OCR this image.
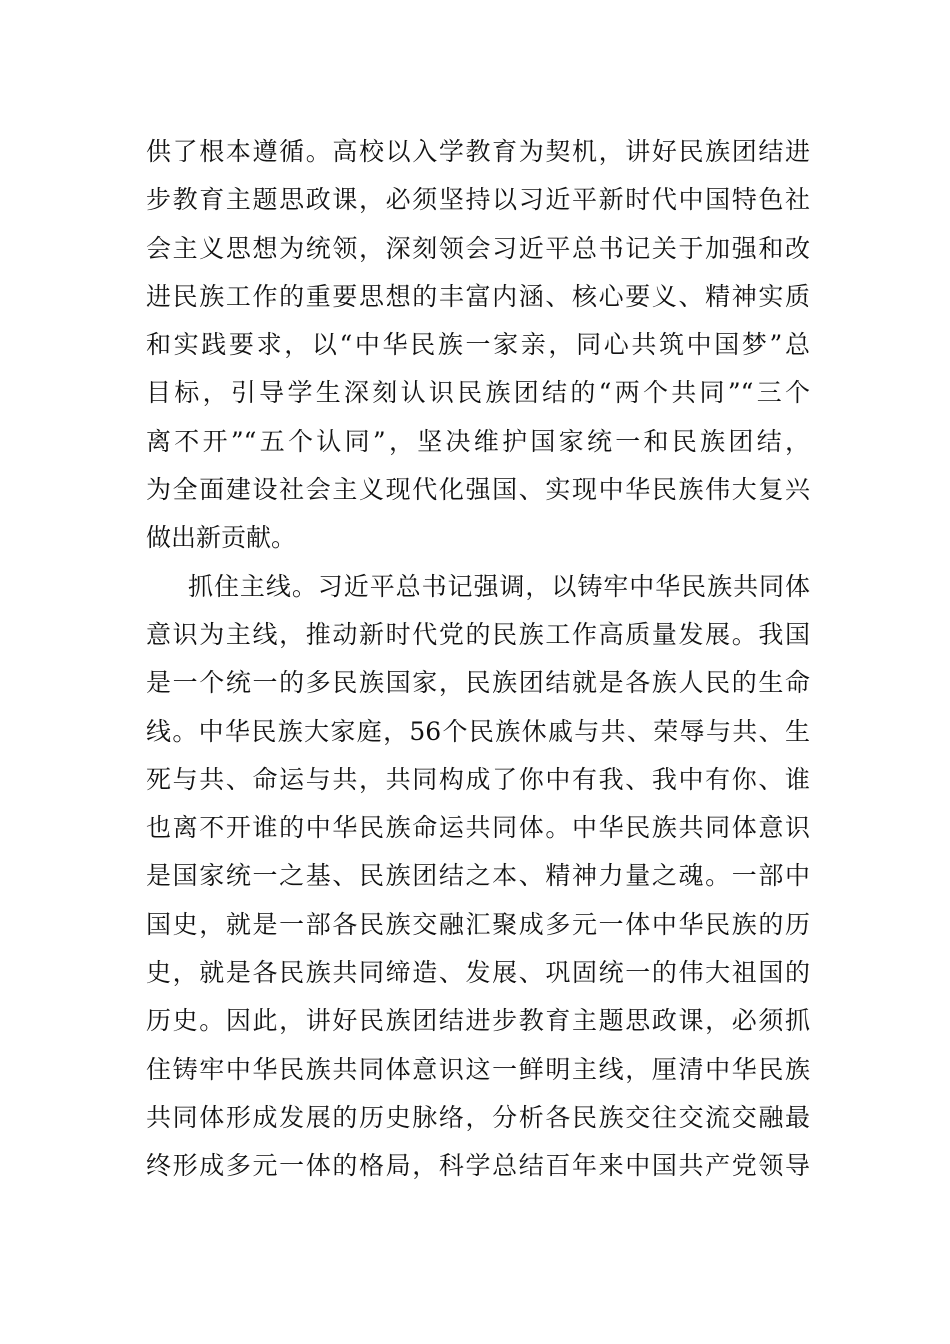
供了根本遵循。高校以入学教育为契机，讲好民族团结进
步教育主题思政课，必须坚持以习近平新时代中国特色社
会主义思想为统领，深刻领会习近平总书记关于加强和改
进民族工作的重要思想的丰富内涵、核心要义、精神实质
和实践要求，以“中华民族一家亲，同心共筑中国梦”总
目标，引导学生深刻认识民族团结的“两个共同”“三个
离不开”“五个认同”，坚决维护国家统一和民族团结，
为全面建设社会主义现代化强国、实现中华民族伟大复兴
做出新贡献。
抓住主线。习近平总书记强调，以铸牢中华民族共同体
意识为主线，推动新时代党的民族工作高质量发展。我国
是一个统一的多民族国家，民族团结就是各族人民的生命
线。中华民族大家庭，56个民族休戚与共、荣辱与共、生
死与共、命运与共，共同构成了你中有我、我中有你、谁
也离不开谁的中华民族命运共同体。中华民族共同体意识
是国家统一之基、民族团结之本、精神力量之魂。一部中
国史，就是一部各民族交融汇聚成多元一体中华民族的历
史，就是各民族共同缔造、发展、巩固统一的伟大祖国的
历史。因此，讲好民族团结进步教育主题思政课，必须抓
住铸牢中华民族共同体意识这一鲜明主线，厘清中华民族
共同体形成发展的历史脉络，分析各民族交往交流交融最
终形成多元一体的格局，科学总结百年来中国共产党领导
